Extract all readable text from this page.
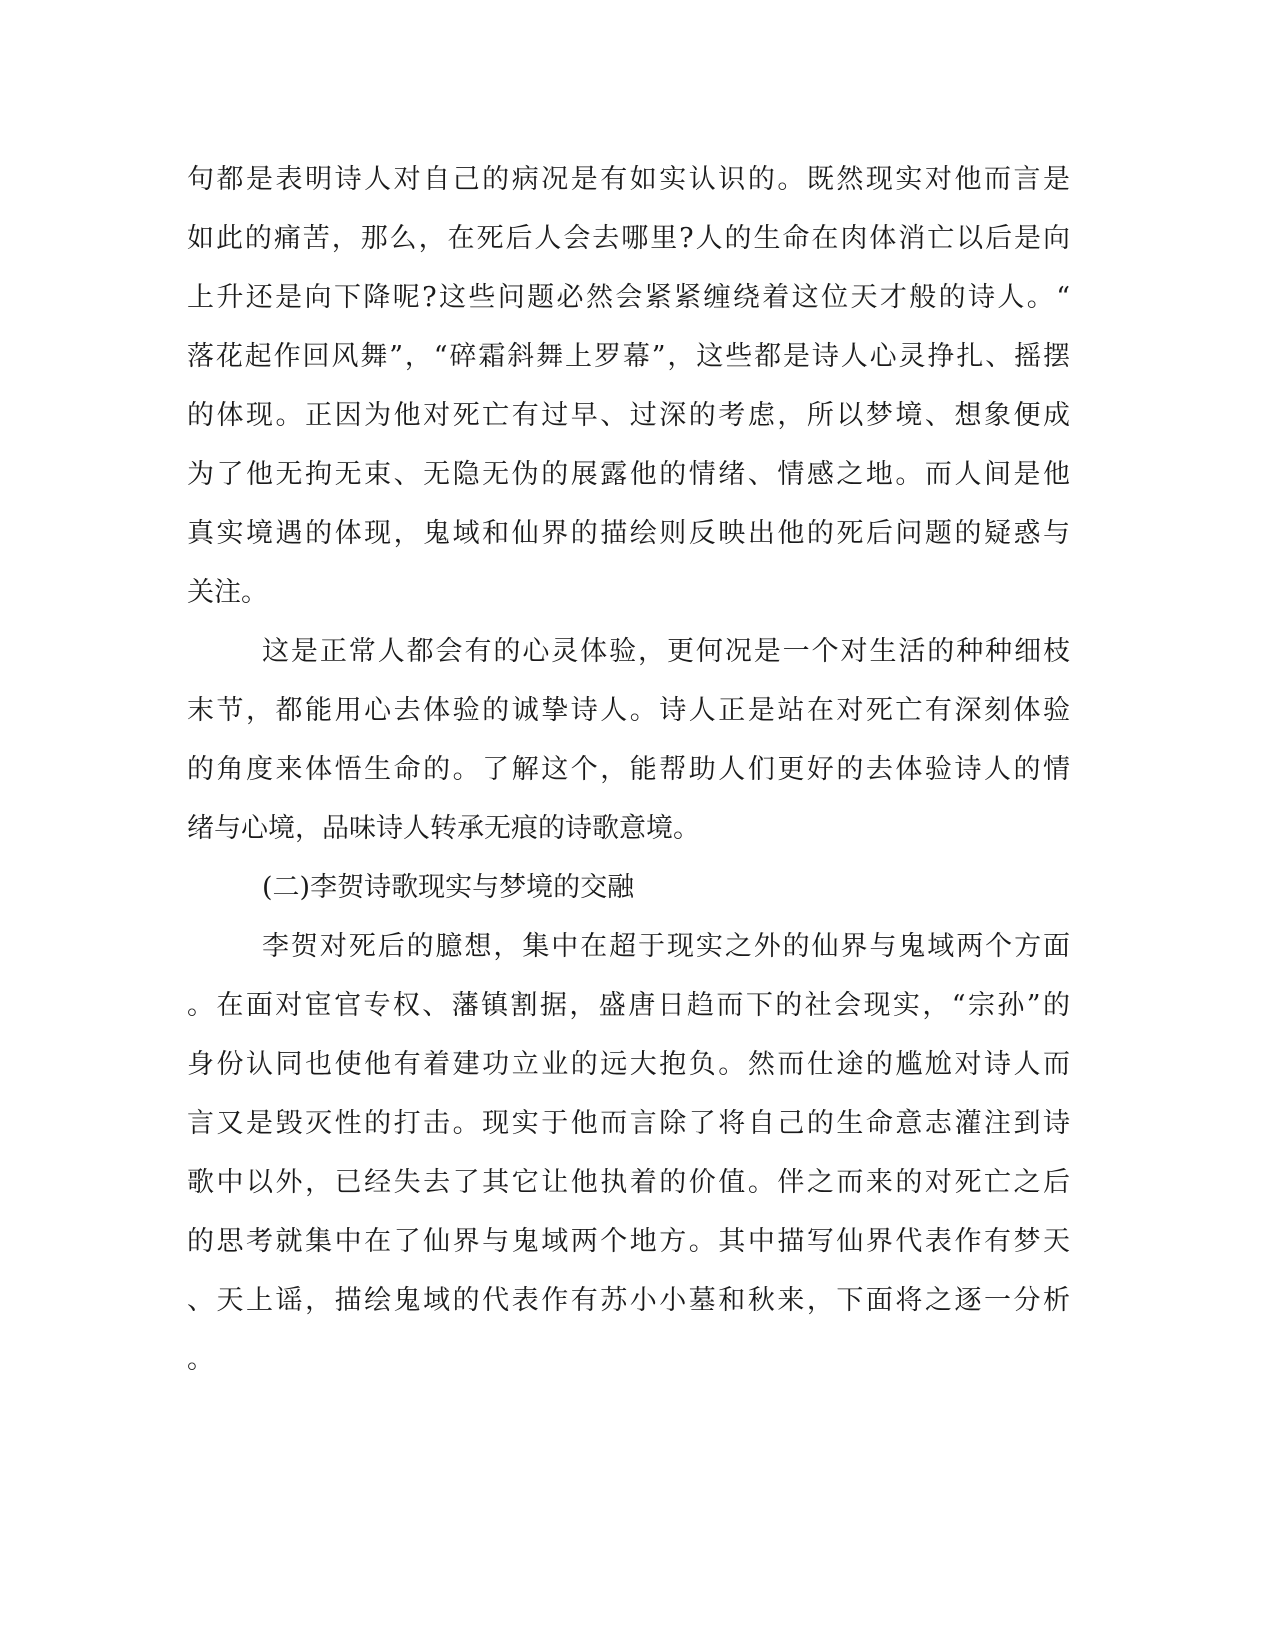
句都是表明诗人对自己的病况是有如实认识的。既然现实对他而言是
如此的痛苦，那么，在死后人会去哪里?人的生命在肉体消亡以后是向
上升还是向下降呢?这些问题必然会紧紧缠绕着这位天才般的诗人。“
落花起作回风舞”，“碎霜斜舞上罗幕”，这些都是诗人心灵挣扎、摇摆
的体现。正因为他对死亡有过早、过深的考虑，所以梦境、想象便成
为了他无拘无束、无隐无伪的展露他的情绪、情感之地。而人间是他
真实境遇的体现，鬼域和仙界的描绘则反映出他的死后问题的疑惑与
关注。
这是正常人都会有的心灵体验，更何况是一个对生活的种种细枝
末节，都能用心去体验的诚挚诗人。诗人正是站在对死亡有深刻体验
的角度来体悟生命的。了解这个，能帮助人们更好的去体验诗人的情
绪与心境，品味诗人转承无痕的诗歌意境。
(二)李贺诗歌现实与梦境的交融
李贺对死后的臆想，集中在超于现实之外的仙界与鬼域两个方面
。在面对宦官专权、藩镇割据，盛唐日趋而下的社会现实，“宗孙”的
身份认同也使他有着建功立业的远大抱负。然而仕途的尴尬对诗人而
言又是毁灭性的打击。现实于他而言除了将自己的生命意志灌注到诗
歌中以外，已经失去了其它让他执着的价值。伴之而来的对死亡之后
的思考就集中在了仙界与鬼域两个地方。其中描写仙界代表作有梦天
、天上谣，描绘鬼域的代表作有苏小小墓和秋来，下面将之逐一分析
。
